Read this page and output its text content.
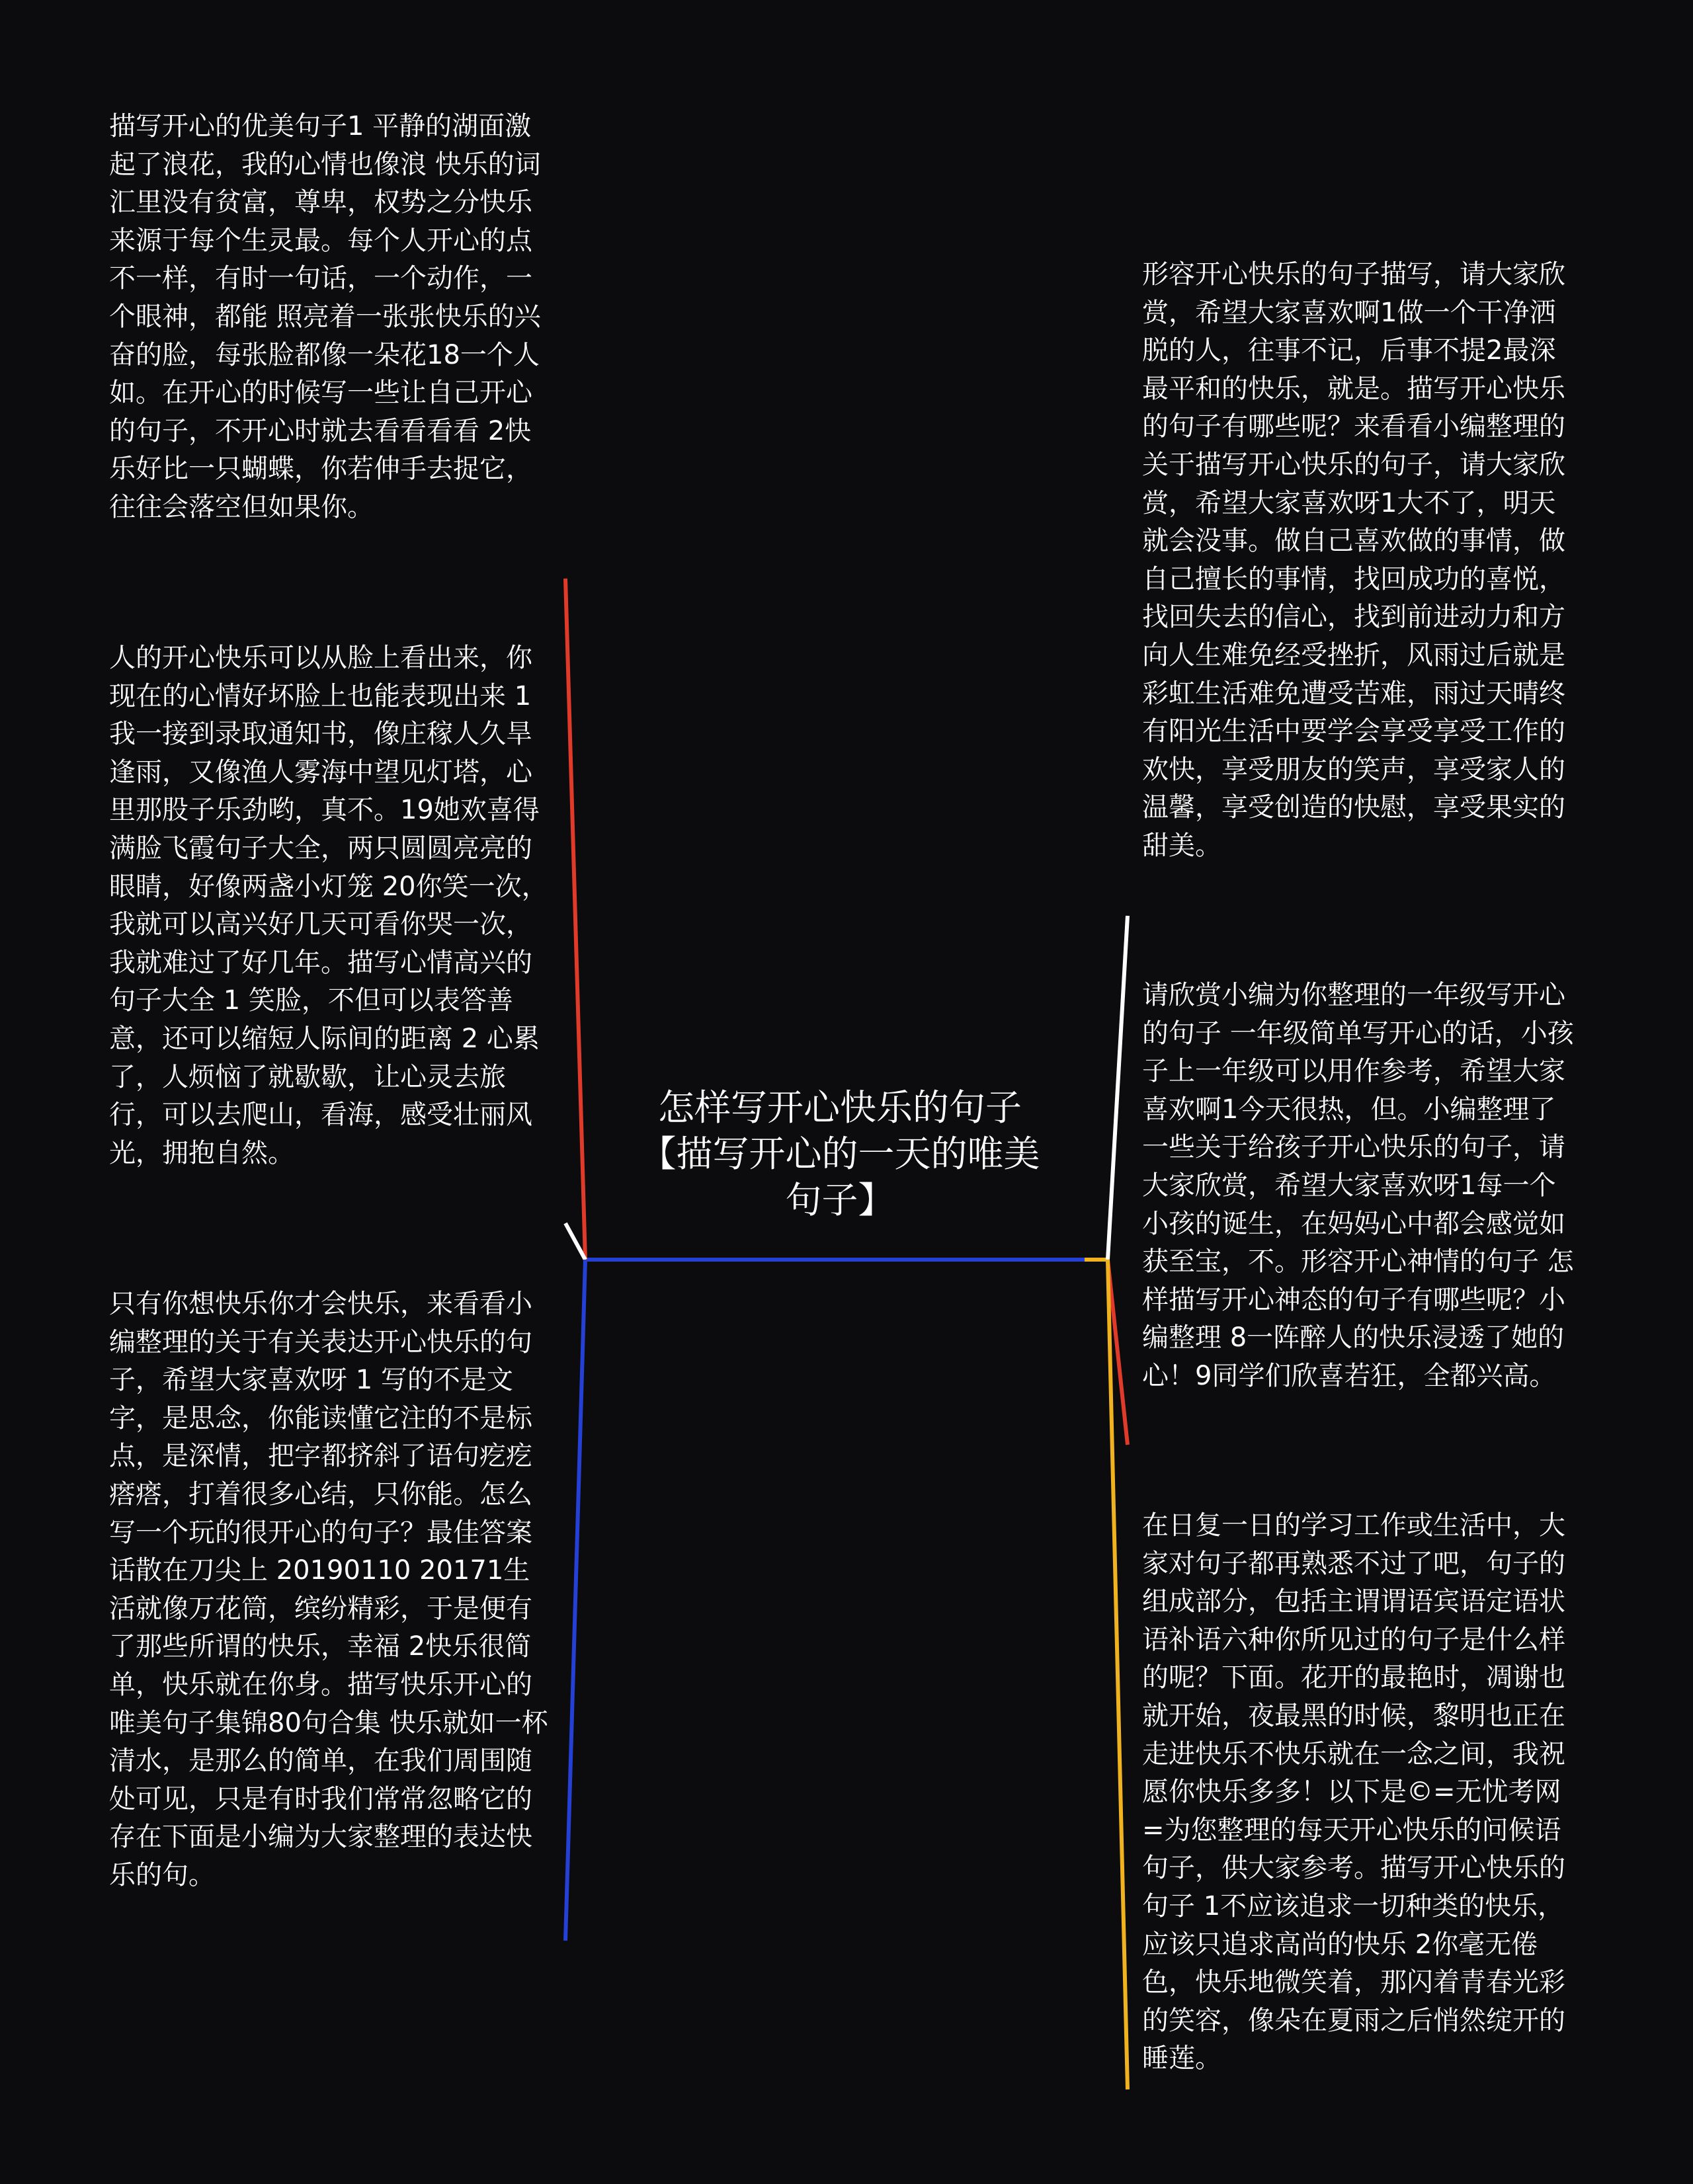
怎样写开心快乐的句子【描写开心的一天的唯美句子】

描写开心的优美句子1 平静的湖面激起了浪花，我的心情也像浪 快乐的词汇里没有贫富，尊卑，权势之分快乐来源于每个生灵最。每个人开心的点不一样，有时一句话，一个动作，一个眼神，都能 照亮着一张张快乐的兴奋的脸，每张脸都像一朵花18一个人如。在开心的时候写一些让自己开心的句子，不开心时就去看看看看 2快乐好比一只蝴蝶，你若伸手去捉它，往往会落空但如果你。

人的开心快乐可以从脸上看出来，你现在的心情好坏脸上也能表现出来 1我一接到录取通知书，像庄稼人久旱逢雨，又像渔人雾海中望见灯塔，心里那股子乐劲哟，真不。19她欢喜得满脸飞霞句子大全，两只圆圆亮亮的眼睛，好像两盏小灯笼 20你笑一次，我就可以高兴好几天可看你哭一次，我就难过了好几年。描写心情高兴的句子大全 1 笑脸，不但可以表答善意，还可以缩短人际间的距离 2 心累了，人烦恼了就歇歇，让心灵去旅行，可以去爬山，看海，感受壮丽风光，拥抱自然。

只有你想快乐你才会快乐，来看看小编整理的关于有关表达开心快乐的句子，希望大家喜欢呀 1 写的不是文字，是思念，你能读懂它注的不是标点，是深情，把字都挤斜了语句疙疙瘩瘩，打着很多心结，只你能。怎么写一个玩的很开心的句子？最佳答案话散在刀尖上 20190110 20171生活就像万花筒，缤纷精彩，于是便有了那些所谓的快乐，幸福 2快乐很简单，快乐就在你身。描写快乐开心的唯美句子集锦80句合集 快乐就如一杯清水，是那么的简单，在我们周围随处可见，只是有时我们常常忽略它的存在下面是小编为大家整理的表达快乐的句。

形容开心快乐的句子描写，请大家欣赏，希望大家喜欢啊1做一个干净洒脱的人，往事不记，后事不提2最深最平和的快乐，就是。描写开心快乐的句子有哪些呢？来看看小编整理的关于描写开心快乐的句子，请大家欣赏，希望大家喜欢呀1大不了，明天就会没事。做自己喜欢做的事情，做自己擅长的事情，找回成功的喜悦，找回失去的信心，找到前进动力和方向人生难免经受挫折，风雨过后就是彩虹生活难免遭受苦难，雨过天晴终有阳光生活中要学会享受享受工作的欢快，享受朋友的笑声，享受家人的温馨，享受创造的快慰，享受果实的甜美。

请欣赏小编为你整理的一年级写开心的句子 一年级简单写开心的话，小孩子上一年级可以用作参考，希望大家喜欢啊1今天很热，但。小编整理了一些关于给孩子开心快乐的句子，请大家欣赏，希望大家喜欢呀1每一个小孩的诞生，在妈妈心中都会感觉如获至宝，不。形容开心神情的句子 怎样描写开心神态的句子有哪些呢？小编整理 8一阵醉人的快乐浸透了她的心！9同学们欣喜若狂，全都兴高。

在日复一日的学习工作或生活中，大家对句子都再熟悉不过了吧，句子的组成部分，包括主谓谓语宾语定语状语补语六种你所见过的句子是什么样的呢？下面。花开的最艳时，凋谢也就开始，夜最黑的时候，黎明也正在走进快乐不快乐就在一念之间，我祝愿你快乐多多！以下是©=无忧考网=为您整理的每天开心快乐的问候语句子，供大家参考。描写开心快乐的句子 1不应该追求一切种类的快乐，应该只追求高尚的快乐 2你毫无倦色，快乐地微笑着，那闪着青春光彩的笑容，像朵在夏雨之后悄然绽开的睡莲。
